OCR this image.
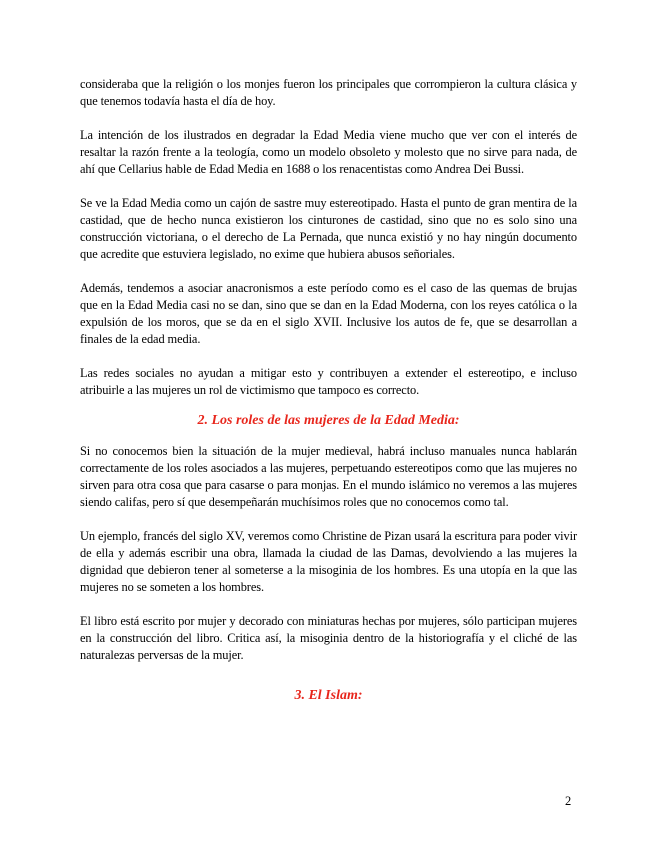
consideraba que la religión o los monjes fueron los principales que corrompieron la cultura clásica y que tenemos todavía hasta el día de hoy.

La intención de los ilustrados en degradar la Edad Media viene mucho que ver con el interés de resaltar la razón frente a la teología, como un modelo obsoleto y molesto que no sirve para nada, de ahí que Cellarius hable de Edad Media en 1688 o los renacentistas como Andrea Dei Bussi.

Se ve la Edad Media como un cajón de sastre muy estereotipado. Hasta el punto de gran mentira de la castidad, que de hecho nunca existieron los cinturones de castidad, sino que no es solo sino una construcción victoriana, o el derecho de La Pernada, que nunca existió y no hay ningún documento que acredite que estuviera legislado, no exime que hubiera abusos señoriales.

Además, tendemos a asociar anacronismos a este período como es el caso de las quemas de brujas que en la Edad Media casi no se dan, sino que se dan en la Edad Moderna, con los reyes católica o la expulsión de los moros, que se da en el siglo XVII. Inclusive los autos de fe, que se desarrollan a finales de la edad media.

Las redes sociales no ayudan a mitigar esto y contribuyen a extender el estereotipo, e incluso atribuirle a las mujeres un rol de victimismo que tampoco es correcto.

2. Los roles de las mujeres de la Edad Media:

Si no conocemos bien la situación de la mujer medieval, habrá incluso manuales nunca hablarán correctamente de los roles asociados a las mujeres, perpetuando estereotipos como que las mujeres no sirven para otra cosa que para casarse o para monjas. En el mundo islámico no veremos a las mujeres siendo califas, pero sí que desempeñarán muchísimos roles que no conocemos como tal.

Un ejemplo, francés del siglo XV, veremos como Christine de Pizan usará la escritura para poder vivir de ella y además escribir una obra, llamada la ciudad de las Damas, devolviendo a las mujeres la dignidad que debieron tener al someterse a la misoginia de los hombres. Es una utopía en la que las mujeres no se someten a los hombres.

El libro está escrito por mujer y decorado con miniaturas hechas por mujeres, sólo participan mujeres en la construcción del libro. Critica así, la misoginia dentro de la historiografía y el cliché de las naturalezas perversas de la mujer.

3. El Islam:
2
